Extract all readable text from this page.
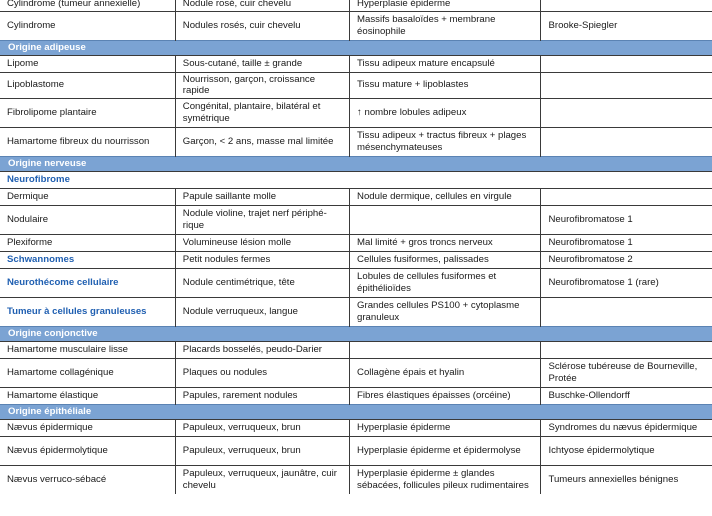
Cylindrome (tumeur annexielle)	Nodule rosé, cuir chevelu	Hyperplasie épiderme	
Cylindrome	Nodules rosés, cuir chevelu	Massifs basaloïdes + membrane éosinophile	Brooke-Spiegler
Origine adipeuse			
Lipome	Sous-cutané, taille ± grande	Tissu adipeux mature encapsulé	
Lipoblastome	Nourrisson, garçon, croissance rapide	Tissu mature + lipoblastes	
Fibrolipome plantaire	Congénital, plantaire, bilatéral et symétrique	↑ nombre lobules adipeux	
Hamartome fibreux du nourrisson	Garçon, < 2 ans, masse mal limitée	Tissu adipeux + tractus fibreux + plages mésenchymateuses	
Origine nerveuse			
Neurofibrome			
Dermique	Papule saillante molle	Nodule dermique, cellules en virgule	
Nodulaire	Nodule violine, trajet nerf périphé-rique		Neurofibromatose 1
Plexiforme	Volumineuse lésion molle	Mal limité + gros troncs nerveux	Neurofibromatose 1
Schwannomes	Petit nodules fermes	Cellules fusiformes, palissades	Neurofibromatose 2
Neurothécome cellulaire	Nodule centimétrique, tête	Lobules de cellules fusiformes et épithélioïdes	Neurofibromatose 1 (rare)
Tumeur à cellules granuleuses	Nodule verruqueux, langue	Grandes cellules PS100 + cytoplasme granuleux	
Origine conjonctive			
Hamartome musculaire lisse	Placards bosselés, peudo-Darier		
Hamartome collagénique	Plaques ou nodules	Collagène épais et hyalin	Sclérose tubéreuse de Bourneville, Protée
Hamartome élastique	Papules, rarement nodules	Fibres élastiques épaisses (orcéine)	Buschke-Ollendorff
Origine épithéliale			
Nævus épidermique	Papuleux, verruqueux, brun	Hyperplasie épiderme	Syndromes du nævus épidermique
Nævus épidermolytique	Papuleux, verruqueux, brun	Hyperplasie épiderme et épidermolyse	Ichtyose épidermolytique
Nævus verruco-sébacé	Papuleux, verruqueux, jaunâtre, cuir chevelu	Hyperplasie épiderme ± glandes sébacées, follicules pileux rudimentaires	Tumeurs annexielles bénignes
